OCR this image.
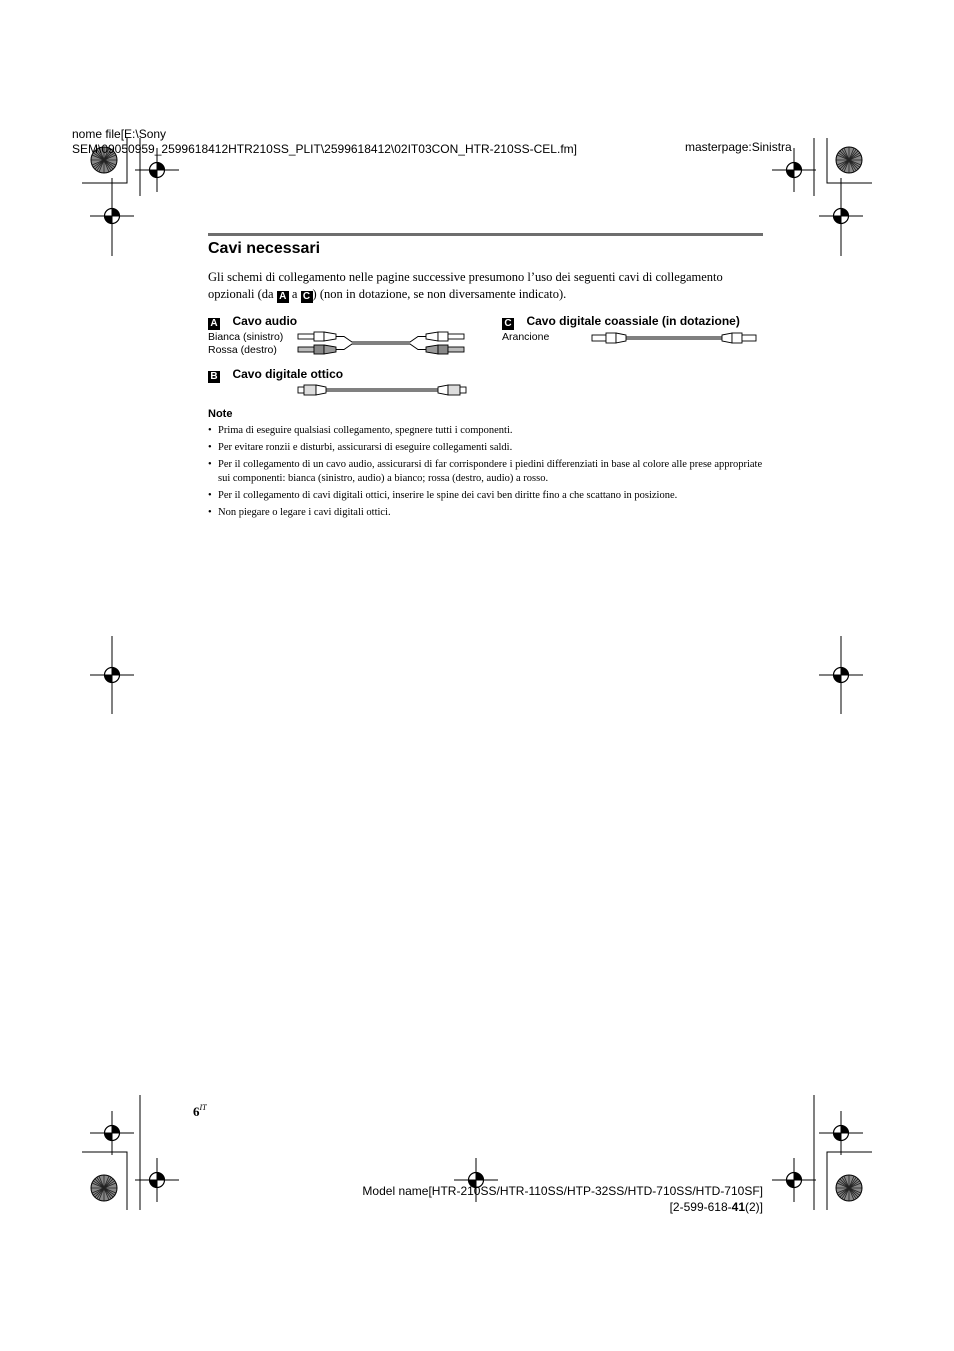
nome file[E:\Sony
SEM\09050959_2599618412HTR210SS_PLIT\2599618412\02IT03CON_HTR-210SS-CEL.fm]	masterpage:Sinistra
Cavi necessari
Gli schemi di collegamento nelle pagine successive presumono l’uso dei seguenti cavi di collegamento opzionali (da A a C ) (non in dotazione, se non diversamente indicato).
A Cavo audio
Bianca (sinistro)
Rossa (destro)
B Cavo digitale ottico
C Cavo digitale coassiale (in dotazione)
Arancione
Note
• Prima di eseguire qualsiasi collegamento, spegnere tutti i componenti.
• Per evitare ronzii e disturbi, assicurarsi di eseguire collegamenti saldi.
• Per il collegamento di un cavo audio, assicurarsi di far corrispondere i piedini differenziati in base al colore alle prese appropriate sui componenti: bianca (sinistro, audio) a bianco; rossa (destro, audio) a rosso.
• Per il collegamento di cavi digitali ottici, inserire le spine dei cavi ben diritte fino a che scattano in posizione.
• Non piegare o legare i cavi digitali ottici.
$6^{IT}$
Model name[HTR-210SS/HTR-110SS/HTP-32SS/HTD-710SS/HTD-710SF]
[2-599-618-41(2)]
